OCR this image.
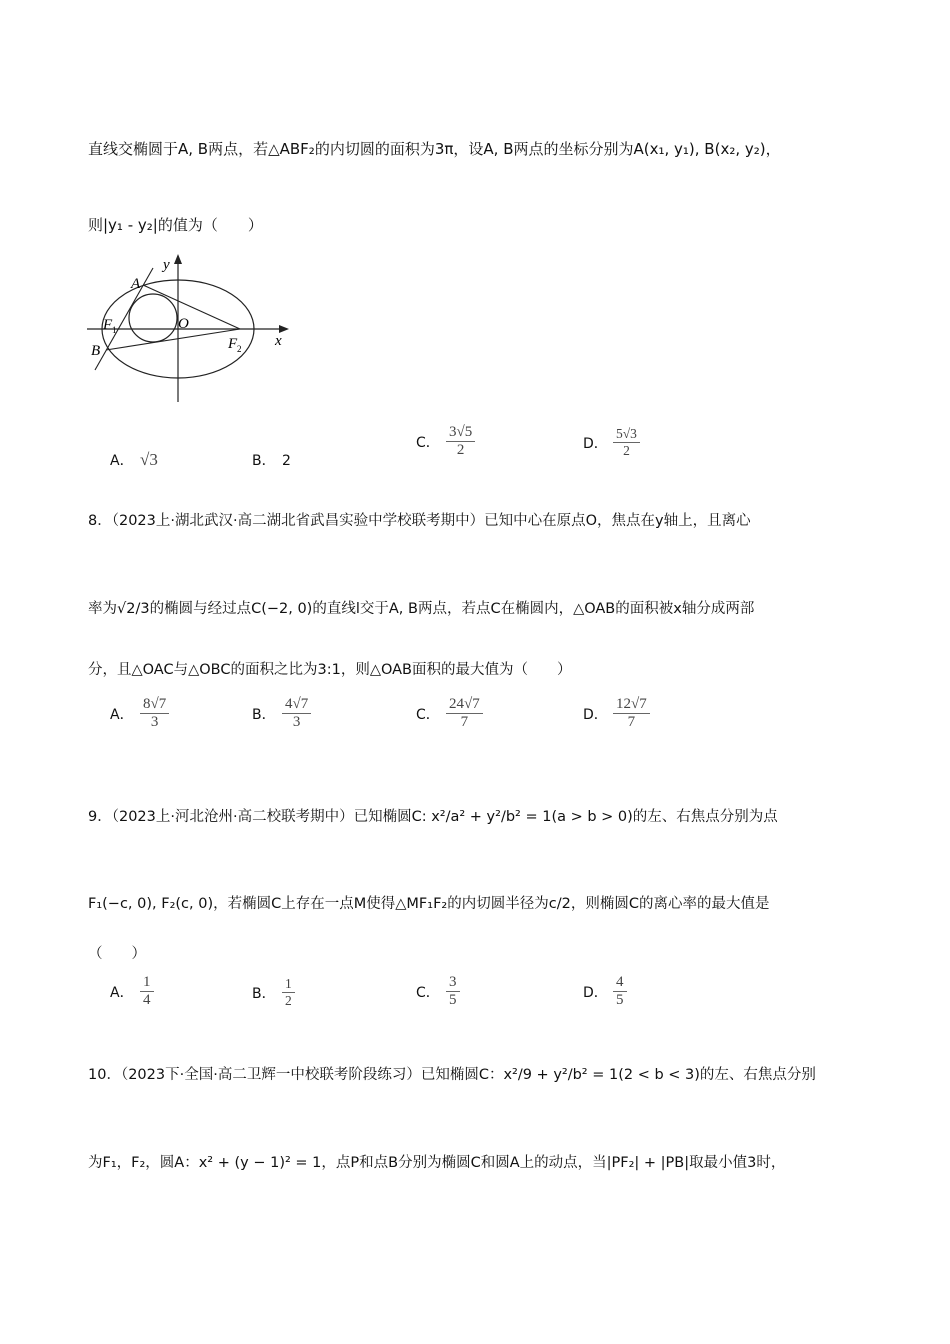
直线交椭圆于A, B两点，若△ABF₂的内切圆的面积为3π，设A, B两点的坐标分别为A(x₁, y₁), B(x₂, y₂)，
则|y₁ - y₂|的值为（　　）
y
A
F 1	O
B	F 2 x
A． √3	B． 2
C． $\frac{3√5}{2}$	D． $\frac{5√3}{2}$
8．（2023上·湖北武汉·高二湖北省武昌实验中学校联考期中）已知中心在原点O，焦点在y轴上，且离心
率为√2/3的椭圆与经过点C(−2, 0)的直线l交于A, B两点，若点C在椭圆内，△OAB的面积被x轴分成两部
分，且△OAC与△OBC的面积之比为3:1，则△OAB面积的最大值为（　　）
A． $\frac{8√7}{3}$	B． $\frac{4√7}{3}$	C． $\frac{24√7}{7}$	D． $\frac{12√7}{7}$
9．（2023上·河北沧州·高二校联考期中）已知椭圆C: x²/a² + y²/b² = 1(a > b > 0)的左、右焦点分别为点
F₁(−c, 0), F₂(c, 0)，若椭圆C上存在一点M使得△MF₁F₂的内切圆半径为c/2，则椭圆C的离心率的最大值是
（　　）
A． $\frac{1}{4}$	B． $\frac{1}{2}$	C． $\frac{3}{5}$	D． $\frac{4}{5}$
10．（2023下·全国·高二卫辉一中校联考阶段练习）已知椭圆C：x²/9 + y²/b² = 1(2 < b < 3)的左、右焦点分别
为F₁，F₂，圆A：x² + (y − 1)² = 1，点P和点B分别为椭圆C和圆A上的动点，当|PF₂| + |PB|取最小值3时，
